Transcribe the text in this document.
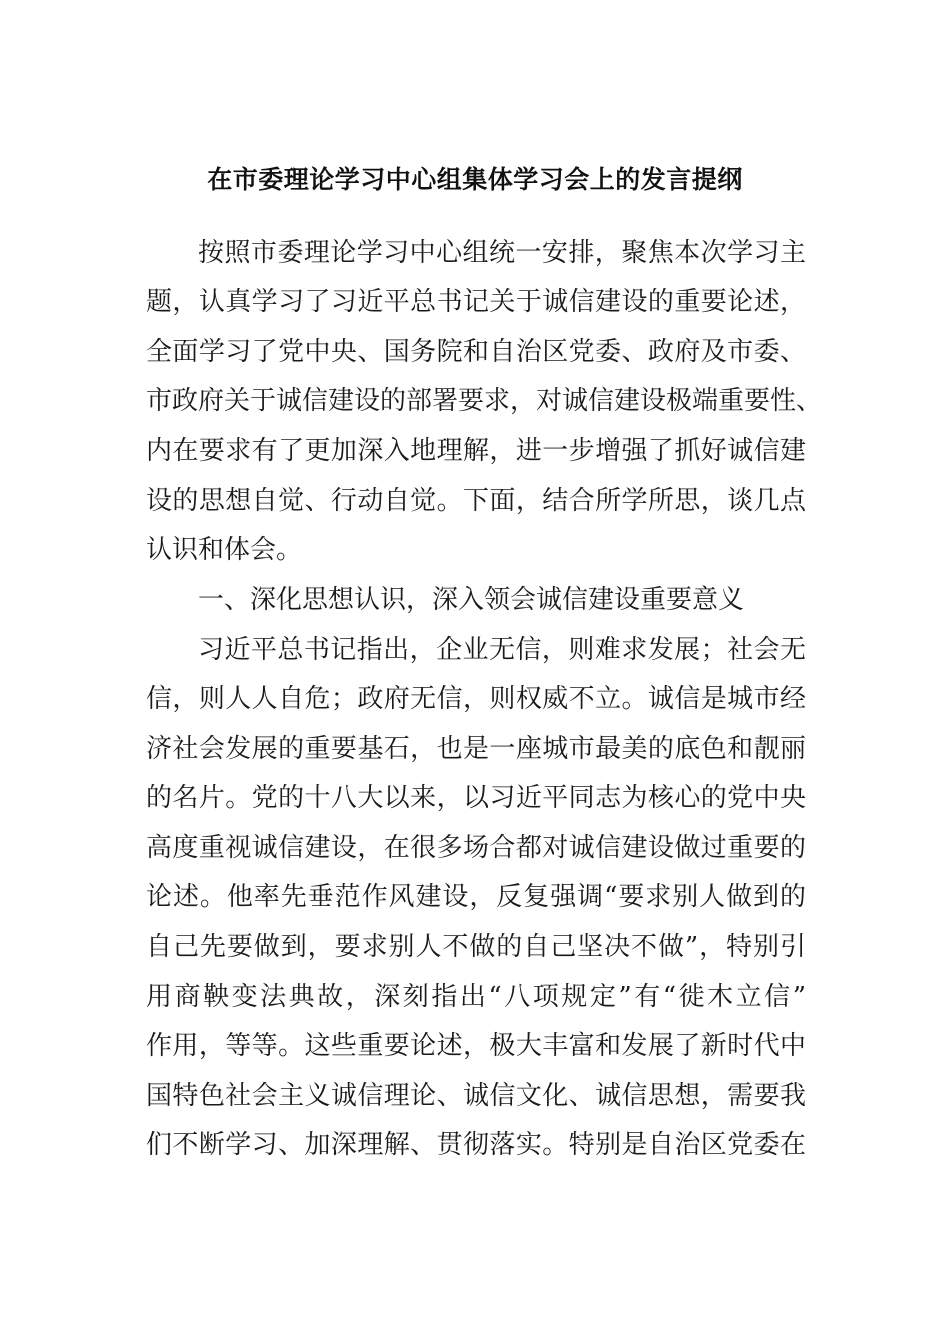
在市委理论学习中心组集体学习会上的发言提纲
按照市委理论学习中心组统一安排，聚焦本次学习主
题，认真学习了习近平总书记关于诚信建设的重要论述，
全面学习了党中央、国务院和自治区党委、政府及市委、
市政府关于诚信建设的部署要求，对诚信建设极端重要性、
内在要求有了更加深入地理解，进一步增强了抓好诚信建
设的思想自觉、行动自觉。下面，结合所学所思，谈几点
认识和体会。
一、深化思想认识，深入领会诚信建设重要意义
习近平总书记指出，企业无信，则难求发展；社会无
信，则人人自危；政府无信，则权威不立。诚信是城市经
济社会发展的重要基石，也是一座城市最美的底色和靓丽
的名片。党的十八大以来，以习近平同志为核心的党中央
高度重视诚信建设，在很多场合都对诚信建设做过重要的
论述。他率先垂范作风建设，反复强调“要求别人做到的
自己先要做到，要求别人不做的自己坚决不做”，特别引
用商鞅变法典故，深刻指出“八项规定”有“徙木立信”
作用，等等。这些重要论述，极大丰富和发展了新时代中
国特色社会主义诚信理论、诚信文化、诚信思想，需要我
们不断学习、加深理解、贯彻落实。特别是自治区党委在
